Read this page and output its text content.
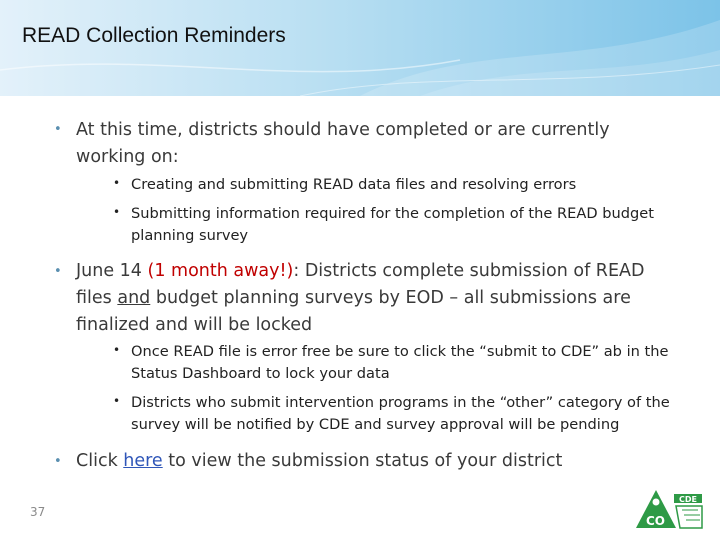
READ Collection Reminders
• At this time, districts should have completed or are currently working on:
• Creating and submitting READ data files and resolving errors
• Submitting information required for the completion of the READ budget planning survey
• June 14 (1 month away!): Districts complete submission of READ files and budget planning surveys by EOD – all submissions are finalized and will be locked
• Once READ file is error free be sure to click the “submit to CDE” ab in the Status Dashboard to lock your data
• Districts who submit intervention programs in the “other” category of the survey will be notified by CDE and survey approval will be pending
• Click here to view the submission status of your district
37
CO
CDE
